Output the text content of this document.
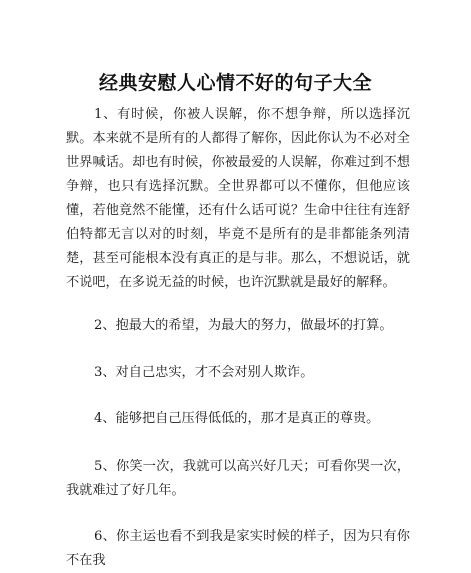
经典安慰人心情不好的句子大全

1、有时候，你被人误解，你不想争辩，所以选择沉默。本来就不是所有的人都得了解你，因此你认为不必对全世界喊话。却也有时候，你被最爱的人误解，你难过到不想争辩，也只有选择沉默。全世界都可以不懂你，但他应该懂，若他竟然不能懂，还有什么话可说？生命中往往有连舒伯特都无言以对的时刻，毕竟不是所有的是非都能条列清楚，甚至可能根本没有真正的是与非。那么，不想说话，就不说吧，在多说无益的时候，也许沉默就是最好的解释。

2、抱最大的希望，为最大的努力，做最坏的打算。

3、对自己忠实，才不会对别人欺诈。

4、能够把自己压得低低的，那才是真正的尊贵。

5、你笑一次，我就可以高兴好几天；可看你哭一次，我就难过了好几年。

6、你主运也看不到我是家实时候的样子，因为只有你不在我
